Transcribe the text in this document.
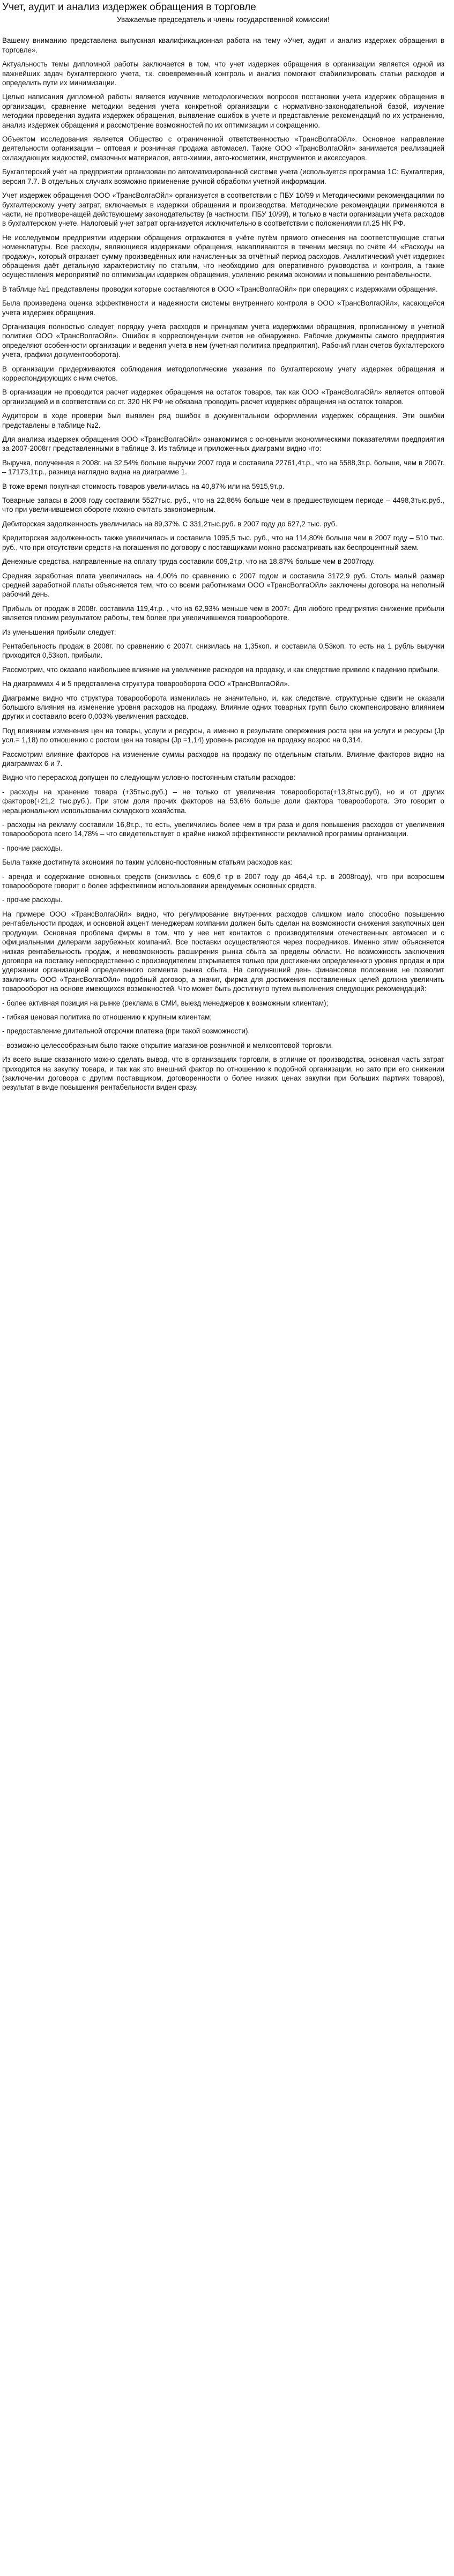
Учет, аудит и анализ издержек обращения в торговле
Уважаемые председатель и члены государственной комиссии!

Вашему вниманию представлена выпускная квалификационная работа на тему «Учет, аудит и анализ издержек обращения в торговле».

Актуальность темы дипломной работы заключается в том, что учет издержек обращения в организации является одной из важнейших задач бухгалтерского учета, т.к. своевременный контроль и анализ помогают стабилизировать статьи расходов и определить пути их минимизации.

Целью написания дипломной работы является изучение методологических вопросов постановки учета издержек обращения в организации, сравнение методики ведения учета конкретной организации с нормативно-законодательной базой, изучение методики проведения аудита издержек обращения, выявление ошибок в учете и представление рекомендаций по их устранению, анализ издержек обращения и рассмотрение возможностей по их оптимизации и сокращению.

Объектом исследования является Общество с ограниченной ответственностью «ТрансВолгаОйл». Основное направление деятельности организации – оптовая и розничная продажа автомасел. Также ООО «ТрансВолгаОйл» занимается реализацией охлаждающих жидкостей, смазочных материалов, авто-химии, авто-косметики, инструментов и аксессуаров.

Бухгалтерский учет на предприятии организован по автоматизированной системе учета (используется программа 1С: Бухгалтерия, версия 7.7. В отдельных случаях возможно применение ручной обработки учетной информации.

Учет издержек обращения ООО «ТрансВолгаОйл» организуется в соответствии с ПБУ 10/99 и Методическими рекомендациями по бухгалтерскому учету затрат, включаемых в издержки обращения и производства. Методические рекомендации применяются в части, не противоречащей действующему законодательству (в частности, ПБУ 10/99), и только в части организации учета расходов в бухгалтерском учете. Налоговый учет затрат организуется исключительно в соответствии с положениями гл.25 НК РФ.

Не исследуемом предприятии издержки обращения отражаются в учёте путём прямого отнесения на соответствующие статьи номенклатуры. Все расходы, являющиеся издержками обращения, накапливаются в течении месяца по счёте 44 «Расходы на продажу», который отражает сумму произведённых или начисленных за отчётный период расходов. Аналитический учёт издержек обращения даёт детальную характеристику по статьям, что необходимо для оперативного руководства и контроля, а также осуществления мероприятий по оптимизации издержек обращения, усилению режима экономии и повышению рентабельности.

В таблице №1 представлены проводки которые составляются в ООО «ТрансВолгаОйл» при операциях с издержками обращения.

Была произведена оценка эффективности и надежности системы внутреннего контроля в ООО «ТрансВолгаОйл», касающейся учета издержек обращения.

Организация полностью следует порядку учета расходов и принципам учета издержками обращения, прописанному в учетной политике ООО «ТрансВолгаОйл». Ошибок в корреспонденции счетов не обнаружено. Рабочие документы самого предприятия определяют особенности организации и ведения учета в нем (учетная политика предприятия). Рабочий план счетов бухгалтерского учета, графики документооборота).

В организации придерживаются соблюдения методологические указания по бухгалтерскому учету издержек обращения и корреспондирующих с ним счетов.

В организации не проводится расчет издержек обращения на остаток товаров, так как ООО «ТрансВолгаОйл» является оптовой организацией и в соответствии со ст. 320 НК РФ не обязана проводить расчет издержек обращения на остаток товаров.

Аудитором в ходе проверки был выявлен ряд ошибок в документальном оформлении издержек обращения. Эти ошибки представлены в таблице №2.

Для анализа издержек обращения ООО «ТрансВолгаОйл» ознакомимся с основными экономическими показателями предприятия за 2007-2008гг представленными в таблице 3. Из таблице и приложенных диаграмм видно что:

Выручка, полученная в 2008г. на 32,54% больше выручки 2007 года и составила 22761,4т.р., что на 5588,3т.р. больше, чем в 2007г. – 17173,1т.р., разница наглядно видна на диаграмме 1.

В тоже время покупная стоимость товаров увеличилась на 40,87% или на 5915,9т.р.

Товарные запасы в 2008 году составили 5527тыс. руб., что на 22,86% больше чем в предшествующем периоде – 4498,3тыс.руб., что при увеличившемся обороте можно считать закономерным.

Дебиторская задолженность увеличилась на 89,37%. С 331,2тыс.руб. в 2007 году до 627,2 тыс. руб.

Кредиторская задолженность также увеличилась и составила 1095,5 тыс. руб., что на 114,80% больше чем в 2007 году – 510 тыс. руб., что при отсутствии средств на погашения по договору с поставщиками можно рассматривать как беспроцентный заем.

Денежные средства, направленные на оплату труда составили 609,2т.р, что на 18,87% больше чем в 2007году.

Средняя заработная плата увеличилась на 4,00% по сравнению с 2007 годом и составила 3172,9 руб. Столь малый размер средней заработной платы объясняется тем, что со всеми работниками ООО «ТрансВолгаОйл» заключены договора на неполный рабочий день.

Прибыль от продаж в 2008г. составила 119,4т.р. , что на 62,93% меньше чем в 2007г. Для любого предприятия снижение прибыли является плохим результатом работы, тем более при увеличившемся товарообороте.

Из уменьшения прибыли следует:

Рентабельность продаж в 2008г. по сравнению с 2007г. снизилась на 1,35коп. и составила 0,53коп. то есть на 1 рубль выручки приходится 0,53коп. прибыли.

Рассмотрим, что оказало наибольшее влияние на увеличение расходов на продажу, и как следствие привело к падению прибыли.

На диаграммах 4 и 5 представлена структура товарооборота ООО «ТрансВолгаОйл».

Диаграмме видно что структура товарооборота изменилась не значительно, и, как следствие, структурные сдвиги не оказали большого влияния на изменение уровня расходов на продажу. Влияние одних товарных групп было скомпенсировано влиянием других и составило всего 0,003% увеличения расходов.

Под влиянием изменения цен на товары, услуги и ресурсы, а именно в результате опережения роста цен на услуги и ресурсы (Jр усл.= 1,18) по отношению с ростом цен на товары (Jр =1,14) уровень расходов на продажу возрос на 0,314.

Рассмотрим влияние факторов на изменение суммы расходов на продажу по отдельным статьям. Влияние факторов видно на диаграммах 6 и 7.

Видно что перерасход допущен по следующим условно-постоянным статьям расходов:

- расходы на хранение товара (+35тыс.руб.) – не только от увеличения товарооборота(+13,8тыс.руб), но и от других факторов(+21,2 тыс.руб.). При этом доля прочих факторов на 53,6% больше доли фактора товарооборота. Это говорит о нерациональном использовании складского хозяйства.

- расходы на рекламу составили 16,8т.р., то есть, увеличились более чем в три раза и доля повышения расходов от увеличения товарооборота всего 14,78% – что свидетельствует о крайне низкой эффективности рекламной программы организации.

- прочие расходы.

Была также достигнута экономия по таким условно-постоянным статьям расходов как:

- аренда и содержание основных средств (снизилась с 609,6 т.р в 2007 году до 464,4 т.р. в 2008году), что при возросшем товарообороте говорит о более эффективном использовании арендуемых основных средств.

- прочие расходы.

На примере ООО «ТрансВолгаОйл» видно, что регулирование внутренних расходов слишком мало способно повышению рентабельности продаж, и основной акцент менеджерам компании должен быть сделан на возможности снижения закупочных цен продукции. Основная проблема фирмы в том, что у нее нет контактов с производителями отечественных автомасел и с официальными дилерами зарубежных компаний. Все поставки осуществляются через посредников. Именно этим объясняется низкая рентабельность продаж, и невозможность расширения рынка сбыта за пределы области. Но возможность заключения договора на поставку непосредственно с производителем открывается только при достижении определенного уровня продаж и при удержании организацией определенного сегмента рынка сбыта. На сегодняшний день финансовое положение не позволит заключить ООО «ТрансВолгаОйл» подобный договор, а значит, фирма для достижения поставленных целей должна увеличить товарооборот на основе имеющихся возможностей. Что может быть достигнуто путем выполнения следующих рекомендаций:

- более активная позиция на рынке (реклама в СМИ, выезд менеджеров к возможным клиентам);

- гибкая ценовая политика по отношению к крупным клиентам;

- предоставление длительной отсрочки платежа (при такой возможности).

- возможно целесообразным было также открытие магазинов розничной и мелкооптовой торговли.

Из всего выше сказанного можно сделать вывод, что в организациях торговли, в отличие от производства, основная часть затрат приходится на закупку товара, и так как это внешний фактор по отношению к подобной организации, но зато при его снижении (заключении договора с другим поставщиком, договоренности о более низких ценах закупки при больших партиях товаров), результат в виде повышения рентабельности виден сразу.
